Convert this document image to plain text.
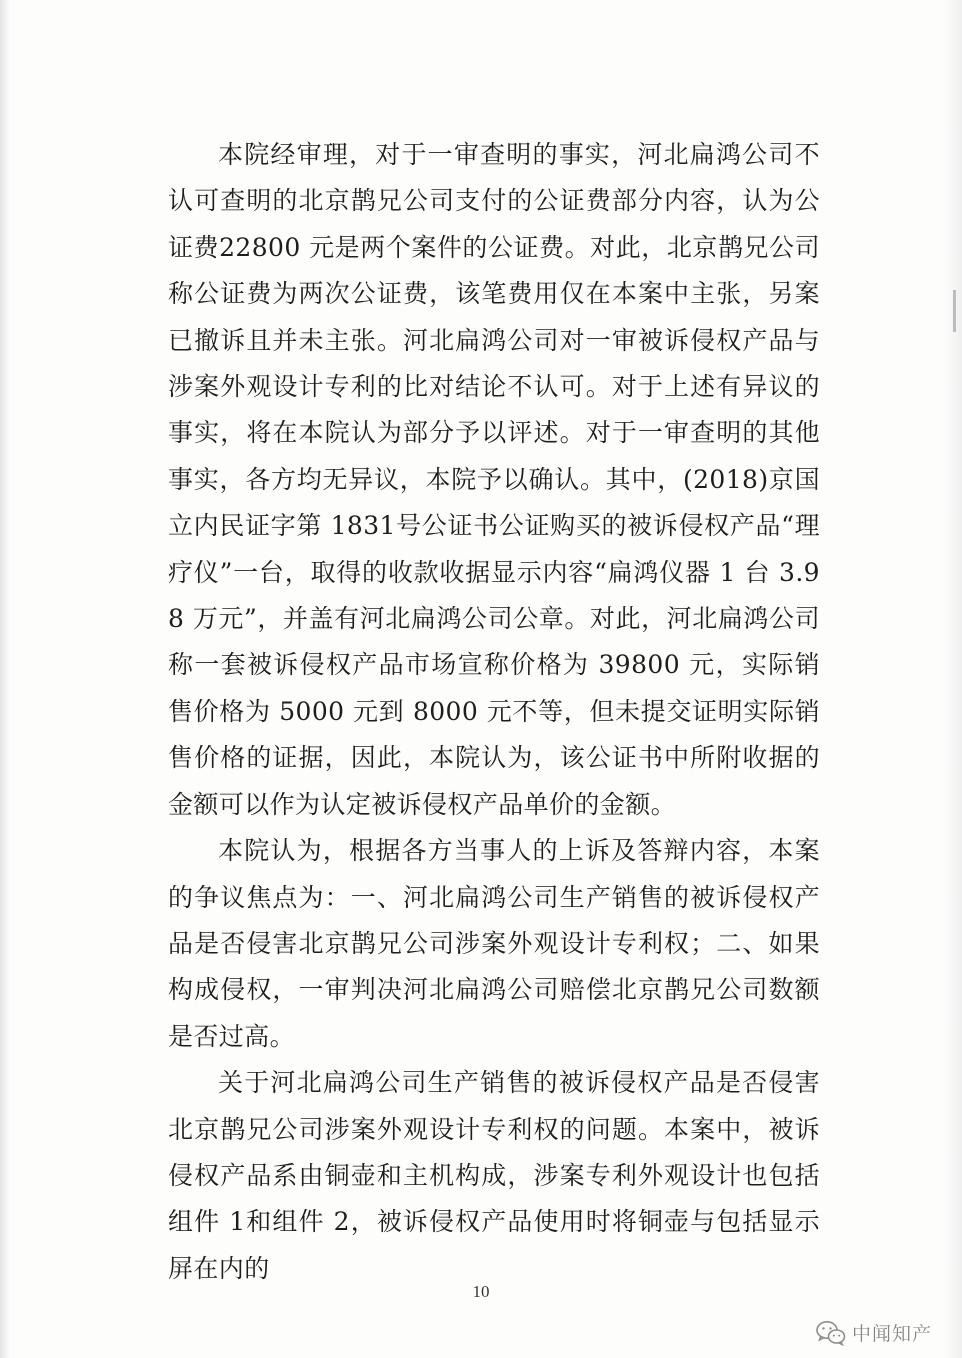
本院经审理，对于一审查明的事实，河北扁鸿公司不认可查明的北京鹊兄公司支付的公证费部分内容，认为公证费22800 元是两个案件的公证费。对此，北京鹊兄公司称公证费为两次公证费，该笔费用仅在本案中主张，另案已撤诉且并未主张。河北扁鸿公司对一审被诉侵权产品与涉案外观设计专利的比对结论不认可。对于上述有异议的事实，将在本院认为部分予以评述。对于一审查明的其他事实，各方均无异议，本院予以确认。其中，(2018)京国立内民证字第 1831号公证书公证购买的被诉侵权产品“理疗仪”一台，取得的收款收据显示内容“扁鸿仪器 1 台 3.98 万元”，并盖有河北扁鸿公司公章。对此，河北扁鸿公司称一套被诉侵权产品市场宣称价格为 39800 元，实际销售价格为 5000 元到 8000 元不等，但未提交证明实际销售价格的证据，因此，本院认为，该公证书中所附收据的金额可以作为认定被诉侵权产品单价的金额。

本院认为，根据各方当事人的上诉及答辩内容，本案的争议焦点为：一、河北扁鸿公司生产销售的被诉侵权产品是否侵害北京鹊兄公司涉案外观设计专利权；二、如果构成侵权，一审判决河北扁鸿公司赔偿北京鹊兄公司数额是否过高。

关于河北扁鸿公司生产销售的被诉侵权产品是否侵害北京鹊兄公司涉案外观设计专利权的问题。本案中，被诉侵权产品系由铜壶和主机构成，涉案专利外观设计也包括组件 1和组件 2，被诉侵权产品使用时将铜壶与包括显示屏在内的

10
中闻知产
